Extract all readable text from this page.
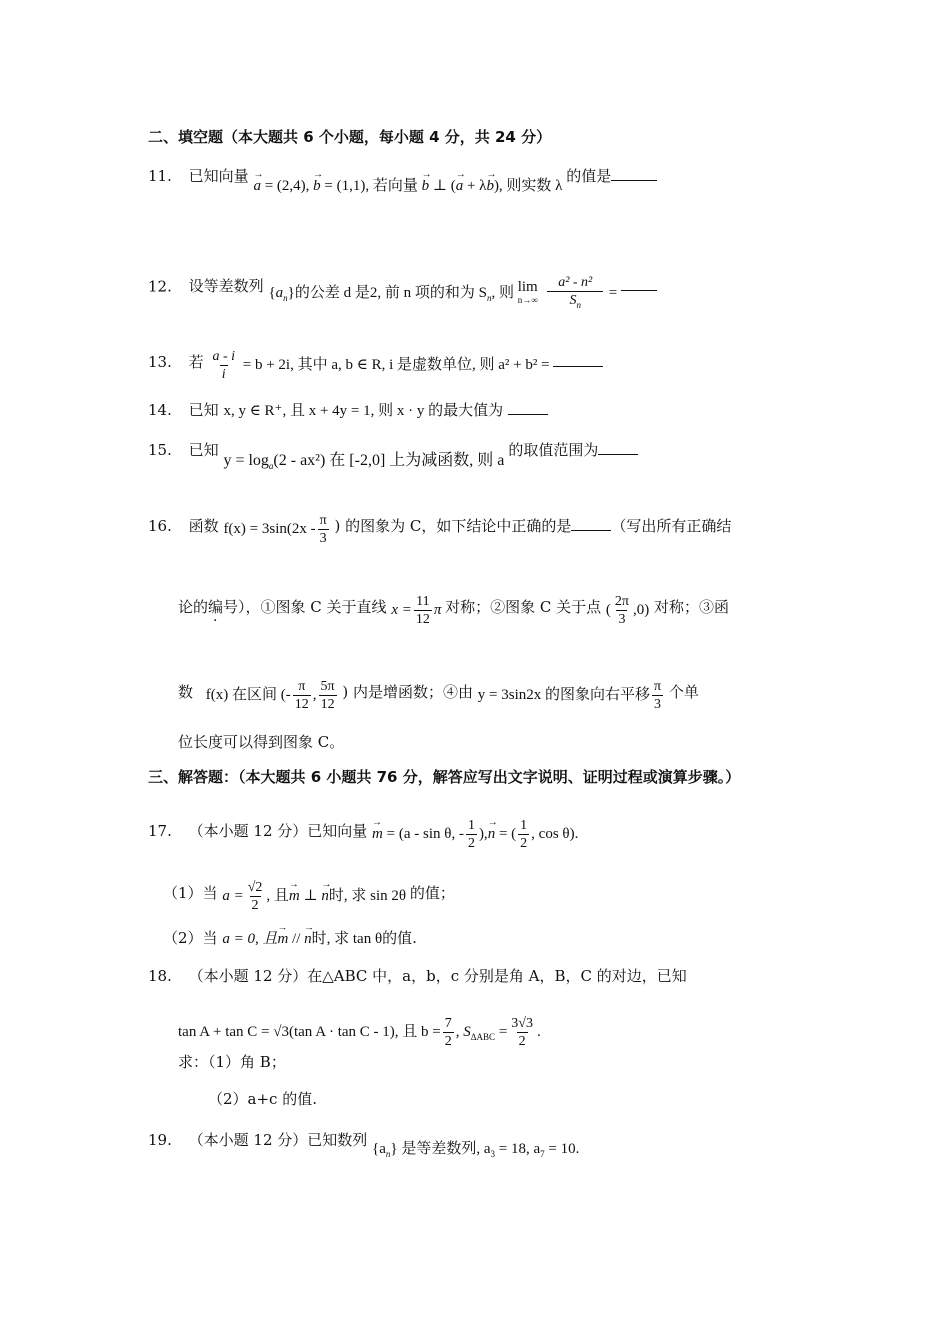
二、填空题（本大题共 6 个小题，每小题 4 分，共 24 分）
11. 已知向量 → a = (2,4), → b = (1,1), 若向量 → b ⊥ (→ a + λ→ b), 则实数 λ 的值是
12. 设等差数列 $\{a_n\}$的公差 d 是2, 前 n 项的和为 $S_n$, 则 lim
n→∞
$\frac{\text{a² - n²}}{S_n}$ =
13. 若 $\frac{a - i}{i} = b + 2i$, 其中 a, b ∈ R, i 是虚数单位, 则 a² + b² =
14. 已知 x, y ∈ R⁺, 且 x + 4y = 1, 则 x · y 的最大值为
15. 已知 $y = \log_a(2 - ax^2)$ 在 [-2,0] 上为减函数, 则 a 的取值范围为
16. 函数 $f(x) = 3\sin(2x - \frac{\pi}{3}$ ) 的图象为 C，如下结论中正确的是	（写出所有正确结
论的编号），①图象 C 关于直线 $x = \frac{11}{12}$ π 对称；②图象 C 关于点 ( $\frac{2\pi}{3} ,0$) 对称；③函
数 f(x) 在区间 (- $\frac{\pi}{12}$ , $\frac{5\pi}{12}$ ) 内是增函数；④由 y = 3sin2x 的图象向右平移 $\frac{\pi}{3}$ 个单
位长度可以得到图象 C。
三、解答题：（本大题共 6 小题共 76 分，解答应写出文字说明、证明过程或演算步骤。）
17. （本小题 12 分）已知向量 → m = (a - sin θ, - $\frac{1}{2}$ ),→ n = ( $\frac{1}{2}$ , cos θ).
（1）当 $a = \frac{√2}{2}$ , 且→ m ⊥ → n时, 求 sin 2θ 的值；
（2）当 a = 0, 且→ m // → n时, 求 tan θ的值.
18. （本小题 12 分）在△ABC 中，a，b，c 分别是角 A，B，C 的对边，已知
tan A + tan C = √3(tan A · tan C - 1), 且 $b = \frac{7}{2}$ , $S_{\Delta ABC} = \frac{3√3}{2}$ .
求：（1）角 B；
（2）a+c 的值.
19. （本小题 12 分）已知数列 $\{a_n\}$ 是等差数列, $a_3 = 18$, $a_7 = 10$.
